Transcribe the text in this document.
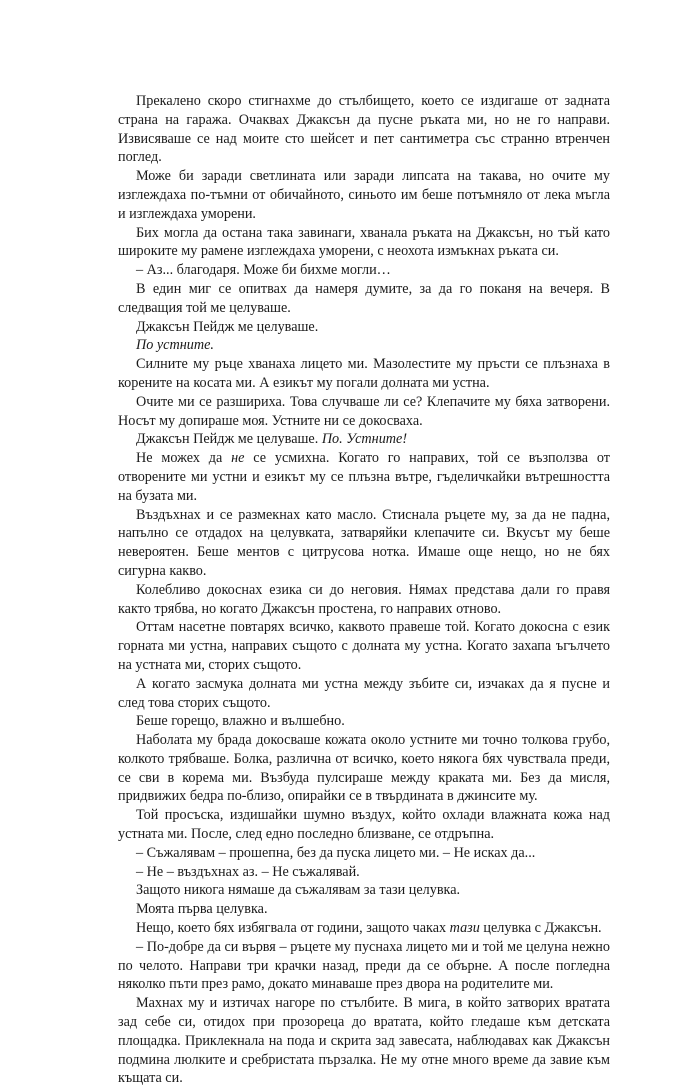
Прекалено скоро стигнахме до стълбището, което се издигаше от задната страна на гаража. Очаквах Джаксън да пусне ръката ми, но не го направи. Извисяваше се над моите сто шейсет и пет сантиметра със странно втренчен поглед.

Може би заради светлината или заради липсата на такава, но очите му изглеждаха по-тъмни от обичайното, синьото им беше потъмняло от лека мъгла и изглеждаха уморени.

Бих могла да остана така завинаги, хванала ръката на Джаксън, но тъй като широките му рамене изглеждаха уморени, с неохота измъкнах ръката си.

– Аз... благодаря. Може би бихме могли…

В един миг се опитвах да намеря думите, за да го поканя на вечеря. В следващия той ме целуваше.

Джаксън Пейдж ме целуваше.

По устните.

Силните му ръце хванаха лицето ми. Мазолестите му пръсти се плъзнаха в корените на косата ми. А езикът му погали долната ми устна.

Очите ми се разшириха. Това случваше ли се? Клепачите му бяха затворени. Носът му допираше моя. Устните ни се докосваха.

Джаксън Пейдж ме целуваше. По. Устните!

Не можех да не се усмихна. Когато го направих, той се възползва от отворените ми устни и езикът му се плъзна вътре, гъделичкайки вътрешността на бузата ми.

Въздъхнах и се размекнах като масло. Стиснала ръцете му, за да не падна, напълно се отдадох на целувката, затваряйки клепачите си. Вкусът му беше невероятен. Беше ментов с цитрусова нотка. Имаше още нещо, но не бях сигурна какво.

Колебливо докоснах езика си до неговия. Нямах представа дали го правя както трябва, но когато Джаксън простена, го направих отново.

Оттам насетне повтарях всичко, каквото правеше той. Когато докосна с език горната ми устна, направих същото с долната му устна. Когато захапа ъгълчето на устната ми, сторих същото.

А когато засмука долната ми устна между зъбите си, изчаках да я пусне и след това сторих същото.

Беше горещо, влажно и вълшебно.

Наболата му брада докосваше кожата около устните ми точно толкова грубо, колкото трябваше. Болка, различна от всичко, което някога бях чувствала преди, се сви в корема ми. Възбуда пулсираше между краката ми. Без да мисля, придвижих бедра по-близо, опирайки се в твърдината в джинсите му.

Той просъска, издишайки шумно въздух, който охлади влажната кожа над устната ми. После, след едно последно близване, се отдръпна.

– Съжалявам – прошепна, без да пуска лицето ми. – Не исках да...

– Не – въздъхнах аз. – Не съжалявай.

Защото никога нямаше да съжалявам за тази целувка.

Моята първа целувка.

Нещо, което бях избягвала от години, защото чаках тази целувка с Джаксън.

– По-добре да си вървя – ръцете му пуснаха лицето ми и той ме целуна нежно по челото. Направи три крачки назад, преди да се обърне. А после погледна няколко пъти през рамо, докато минаваше през двора на родителите ми.

Махнах му и изтичах нагоре по стълбите. В мига, в който затворих вратата зад себе си, отидох при прозореца до вратата, който гледаше към детската площадка. Приклекнала на пода и скрита зад завесата, наблюдавах как Джаксън подмина люлките и сребристата пързалка. Не му отне много време да завие към къщата си.
